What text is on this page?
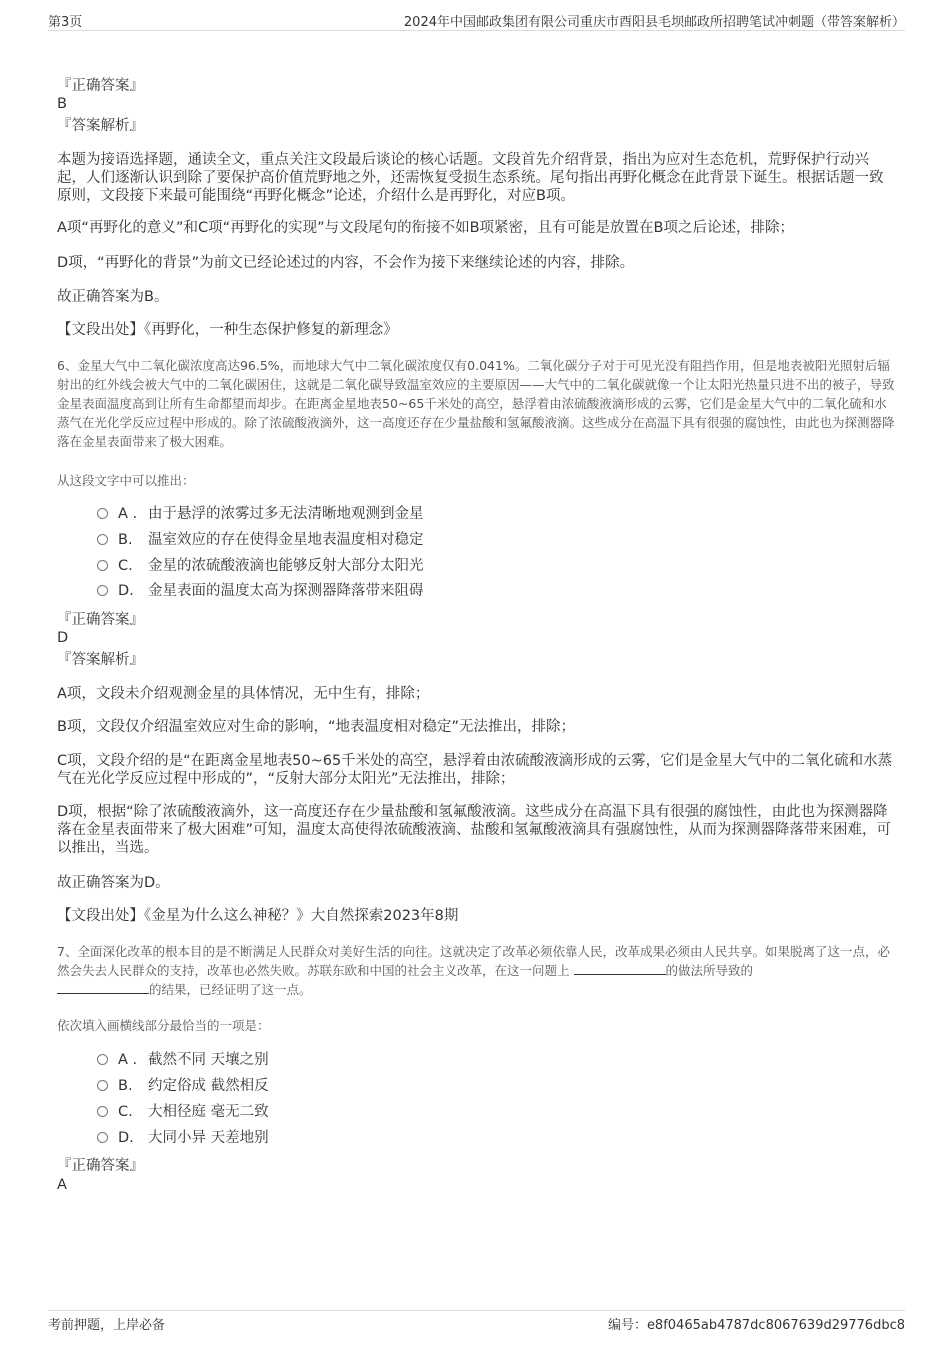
第3页	2024年中国邮政集团有限公司重庆市酉阳县毛坝邮政所招聘笔试冲刺题（带答案解析）
『正确答案』
B
『答案解析』
本题为接语选择题，通读全文，重点关注文段最后谈论的核心话题。文段首先介绍背景，指出为应对生态危机，荒野保护行动兴起，人们逐渐认识到除了要保护高价值荒野地之外，还需恢复受损生态系统。尾句指出再野化概念在此背景下诞生。根据话题一致原则，文段接下来最可能围绕“再野化概念”论述，介绍什么是再野化，对应B项。
A项“再野化的意义”和C项“再野化的实现”与文段尾句的衔接不如B项紧密，且有可能是放置在B项之后论述，排除；
D项，“再野化的背景”为前文已经论述过的内容，不会作为接下来继续论述的内容，排除。
故正确答案为B。
【文段出处】《再野化，一种生态保护修复的新理念》
6、金星大气中二氧化碳浓度高达96.5%，而地球大气中二氧化碳浓度仅有0.041%。二氧化碳分子对于可见光没有阻挡作用，但是地表被阳光照射后辐射出的红外线会被大气中的二氧化碳困住，这就是二氧化碳导致温室效应的主要原因——大气中的二氧化碳就像一个让太阳光热量只进不出的被子，导致金星表面温度高到让所有生命都望而却步。在距离金星地表50~65千米处的高空，悬浮着由浓硫酸液滴形成的云雾，它们是金星大气中的二氧化硫和水蒸气在光化学反应过程中形成的。除了浓硫酸液滴外，这一高度还存在少量盐酸和氢氟酸液滴。这些成分在高温下具有很强的腐蚀性，由此也为探测器降落在金星表面带来了极大困难。
从这段文字中可以推出：
A . 由于悬浮的浓雾过多无法清晰地观测到金星
B. 温室效应的存在使得金星地表温度相对稳定
C. 金星的浓硫酸液滴也能够反射大部分太阳光
D. 金星表面的温度太高为探测器降落带来阻碍
『正确答案』
D
『答案解析』
A项，文段未介绍观测金星的具体情况，无中生有，排除；
B项，文段仅介绍温室效应对生命的影响，“地表温度相对稳定”无法推出，排除；
C项，文段介绍的是“在距离金星地表50~65千米处的高空，悬浮着由浓硫酸液滴形成的云雾，它们是金星大气中的二氧化硫和水蒸气在光化学反应过程中形成的”，“反射大部分太阳光”无法推出，排除；
D项，根据“除了浓硫酸液滴外，这一高度还存在少量盐酸和氢氟酸液滴。这些成分在高温下具有很强的腐蚀性，由此也为探测器降落在金星表面带来了极大困难”可知，温度太高使得浓硫酸液滴、盐酸和氢氟酸液滴具有强腐蚀性，从而为探测器降落带来困难，可以推出，当选。
故正确答案为D。
【文段出处】《金星为什么这么神秘？》大自然探索2023年8期
7、全面深化改革的根本目的是不断满足人民群众对美好生活的向往。这就决定了改革必须依靠人民，改革成果必须由人民共享。如果脱离了这一点，必然会失去人民群众的支持，改革也必然失败。苏联东欧和中国的社会主义改革，在这一问题上	的做法所导致的
的结果，已经证明了这一点。
依次填入画横线部分最恰当的一项是：
A . 截然不同 天壤之别
B. 约定俗成 截然相反
C. 大相径庭 毫无二致
D. 大同小异 天差地别
『正确答案』
A
考前押题，上岸必备	编号：e8f0465ab4787dc8067639d29776dbc8
